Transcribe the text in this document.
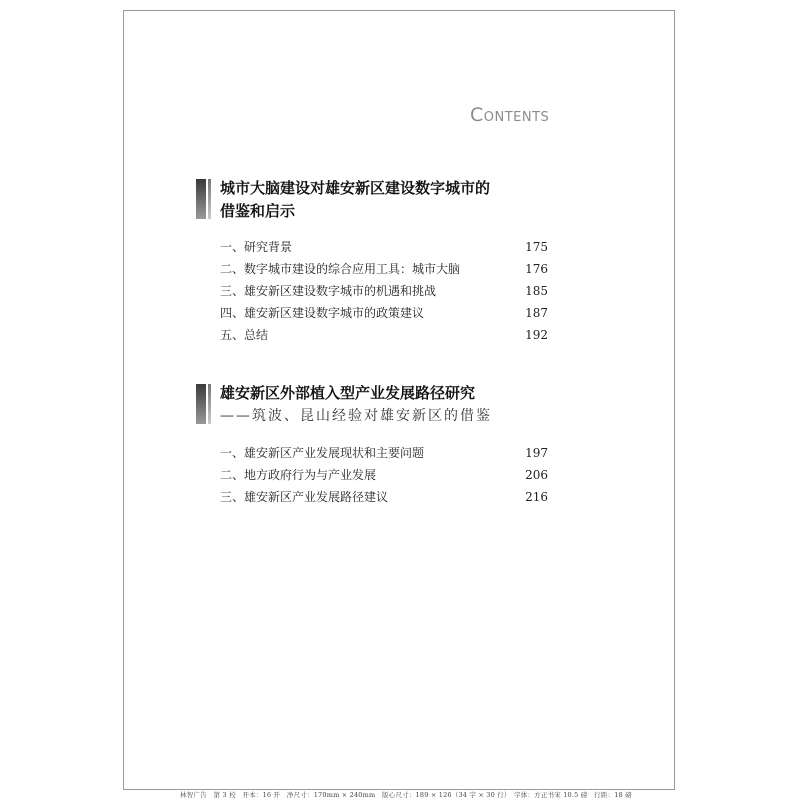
CONTENTS
城市大脑建设对雄安新区建设数字城市的
借鉴和启示
一、研究背景	175
二、数字城市建设的综合应用工具：城市大脑	176
三、雄安新区建设数字城市的机遇和挑战	185
四、雄安新区建设数字城市的政策建议	187
五、总结	192
雄安新区外部植入型产业发展路径研究
——筑波、昆山经验对雄安新区的借鉴
一、雄安新区产业发展现状和主要问题	197
二、地方政府行为与产业发展	206
三、雄安新区产业发展路径建议	216
林智广告　第 3 校　开本：16 开　净尺寸：170mm × 240mm　版心尺寸：189 × 126（34 字 × 30 行）　字体：方正书宋 10.5 磅　行距：18 磅
